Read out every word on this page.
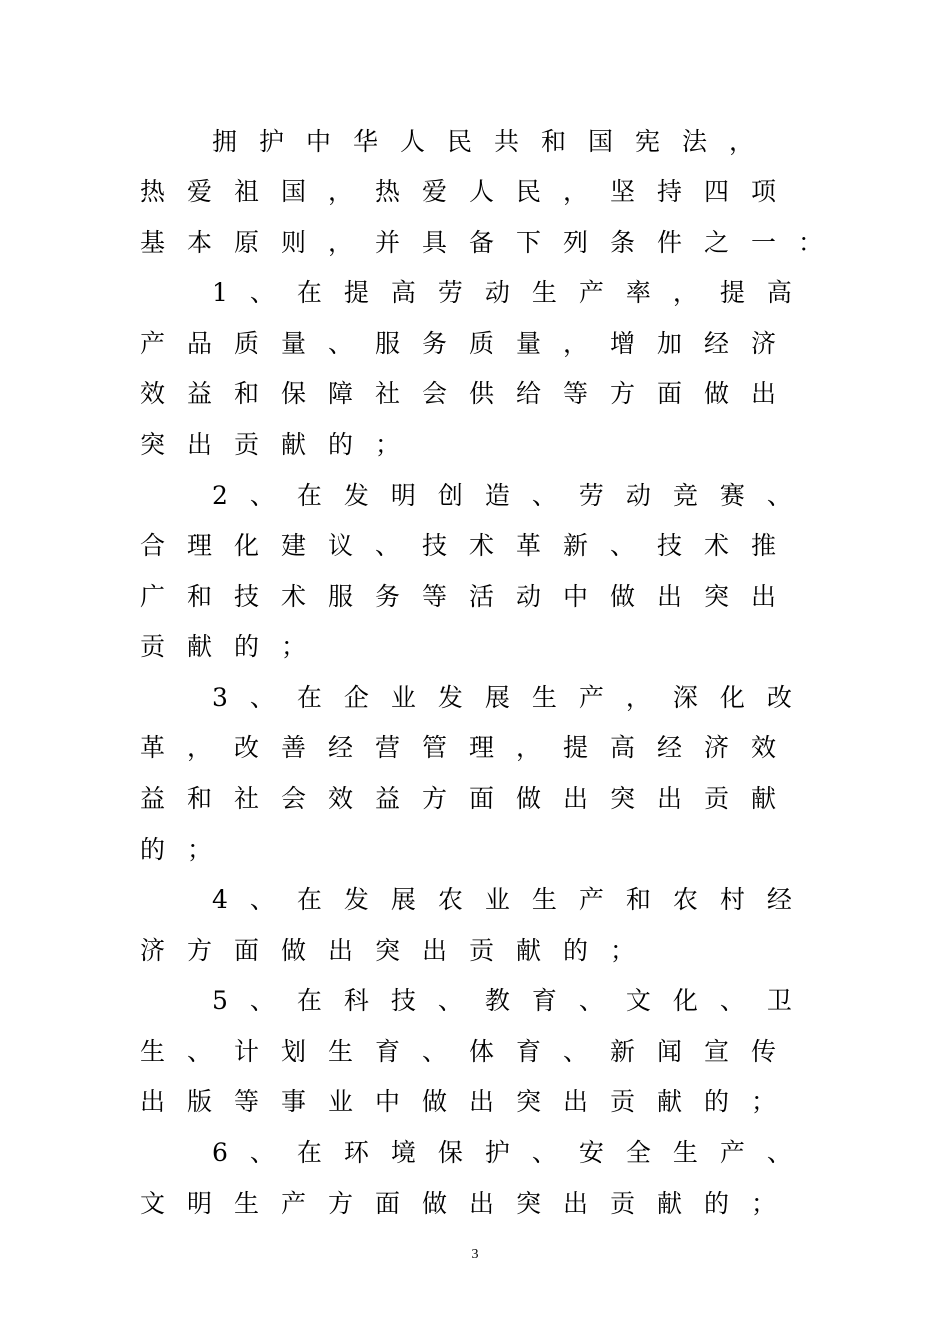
拥护中华人民共和国宪法，
热爱祖国，热爱人民，坚持四项
基本原则，并具备下列条件之一：
1、在提高劳动生产率，提高
产品质量、服务质量，增加经济
效益和保障社会供给等方面做出
突出贡献的；
2、在发明创造、劳动竞赛、
合理化建议、技术革新、技术推
广和技术服务等活动中做出突出
贡献的；
3、在企业发展生产，深化改
革，改善经营管理，提高经济效
益和社会效益方面做出突出贡献
的；
4、在发展农业生产和农村经
济方面做出突出贡献的；
5、在科技、教育、文化、卫
生、计划生育、体育、新闻宣传
出版等事业中做出突出贡献的；
6、在环境保护、安全生产、
文明生产方面做出突出贡献的；
3
